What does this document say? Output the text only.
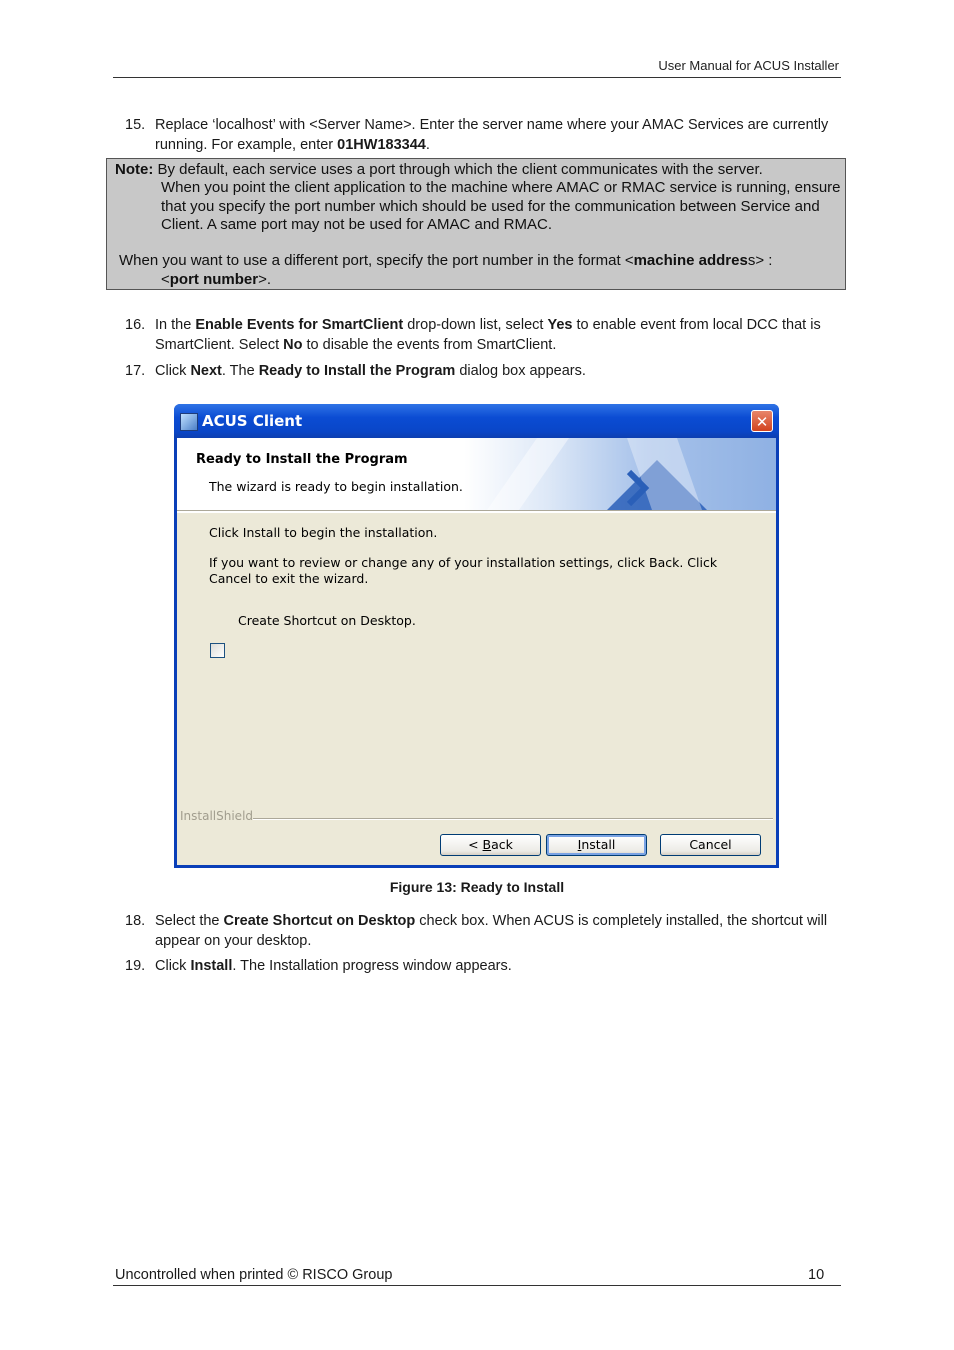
User Manual for ACUS Installer
15. Replace ‘localhost’ with <Server Name>. Enter the server name where your AMAC Services are currently running. For example, enter 01HW183344.
Note: By default, each service uses a port through which the client communicates with the server.
When you point the client application to the machine where AMAC or RMAC service is running, ensure that you specify the port number which should be used for the communication between Service and Client. A same port may not be used for AMAC and RMAC.
When you want to use a different port, specify the port number in the format <machine address> :
<port number>.
16. In the Enable Events for SmartClient drop-down list, select Yes to enable event from local DCC that is SmartClient. Select No to disable the events from SmartClient.
17. Click Next. The Ready to Install the Program dialog box appears.
ACUS Client	✕
Ready to Install the Program
The wizard is ready to begin installation.
Click Install to begin the installation.
If you want to review or change any of your installation settings, click Back. Click Cancel to exit the wizard.
Create Shortcut on Desktop.
InstallShield
< Back	Install	Cancel
Figure 13: Ready to Install
18. Select the Create Shortcut on Desktop check box. When ACUS is completely installed, the shortcut will appear on your desktop.
19. Click Install. The Installation progress window appears.
Uncontrolled when printed © RISCO Group	10
